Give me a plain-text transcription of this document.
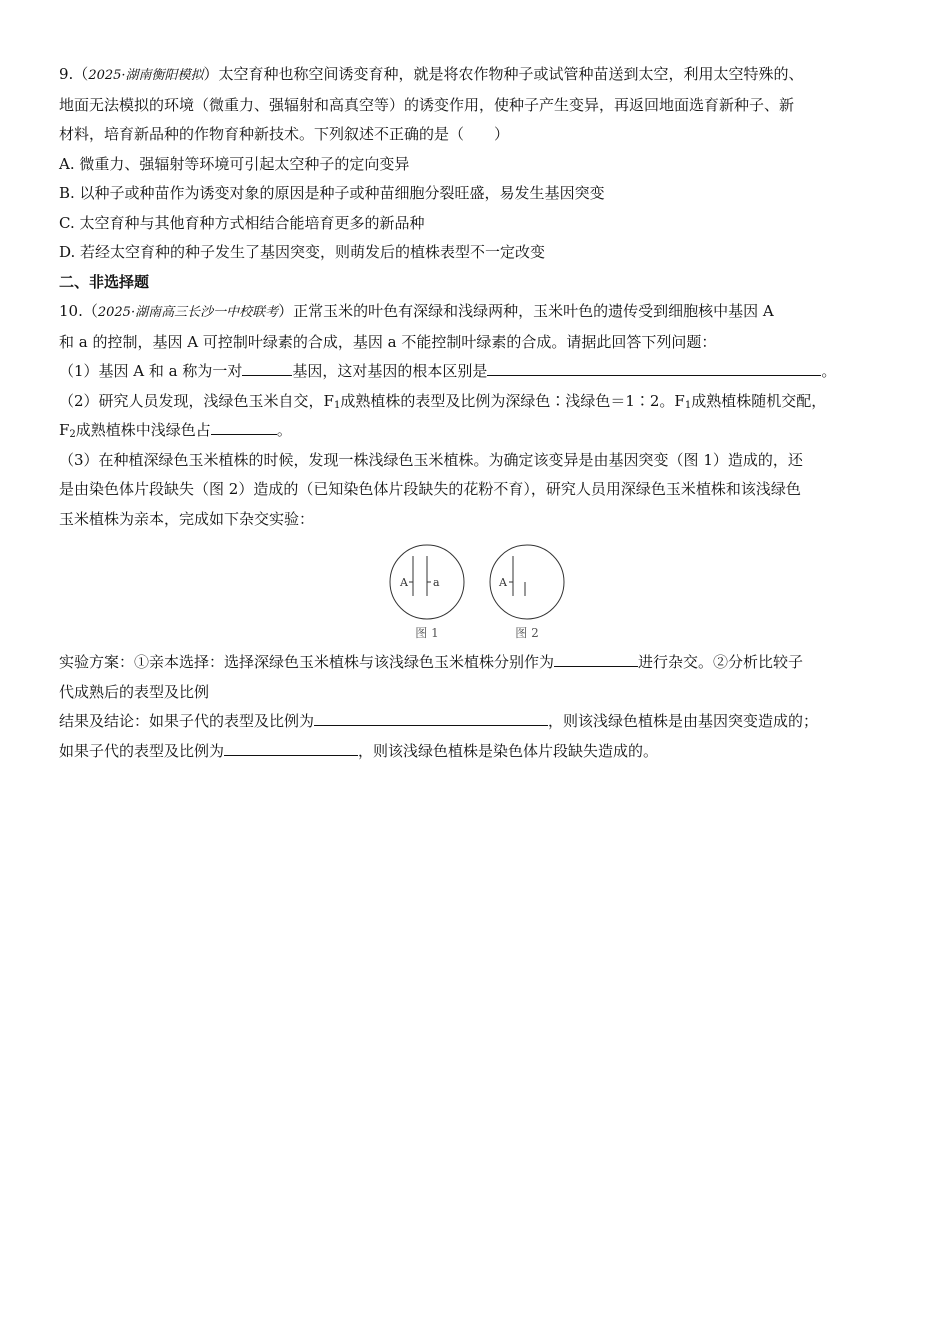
9.（2025·湖南衡阳模拟）太空育种也称空间诱变育种，就是将农作物种子或试管种苗送到太空，利用太空特殊的、
地面无法模拟的环境（微重力、强辐射和高真空等）的诱变作用，使种子产生变异，再返回地面选育新种子、新
材料，培育新品种的作物育种新技术。下列叙述不正确的是（　　）
A. 微重力、强辐射等环境可引起太空种子的定向变异
B. 以种子或种苗作为诱变对象的原因是种子或种苗细胞分裂旺盛，易发生基因突变
C. 太空育种与其他育种方式相结合能培育更多的新品种
D. 若经太空育种的种子发生了基因突变，则萌发后的植株表型不一定改变
二、非选择题
10.（2025·湖南高三长沙一中校联考）正常玉米的叶色有深绿和浅绿两种，玉米叶色的遗传受到细胞核中基因 A
和 a 的控制，基因 A 可控制叶绿素的合成，基因 a 不能控制叶绿素的合成。请据此回答下列问题：
（1）基因 A 和 a 称为一对	基因，这对基因的根本区别是	。
（2）研究人员发现，浅绿色玉米自交，$F_1$成熟植株的表型及比例为深绿色∶浅绿色＝1∶2。$F_1$成熟植株随机交配，
$F_2$成熟植株中浅绿色占	。
（3）在种植深绿色玉米植株的时候，发现一株浅绿色玉米植株。为确定该变异是由基因突变（图 1）造成的，还
是由染色体片段缺失（图 2）造成的（已知染色体片段缺失的花粉不育），研究人员用深绿色玉米植株和该浅绿色
玉米植株为亲本，完成如下杂交实验：
A a
图 1
A
图 2
实验方案：①亲本选择：选择深绿色玉米植株与该浅绿色玉米植株分别作为	进行杂交。②分析比较子
代成熟后的表型及比例
结果及结论：如果子代的表型及比例为	，则该浅绿色植株是由基因突变造成的；
如果子代的表型及比例为	，则该浅绿色植株是染色体片段缺失造成的。
